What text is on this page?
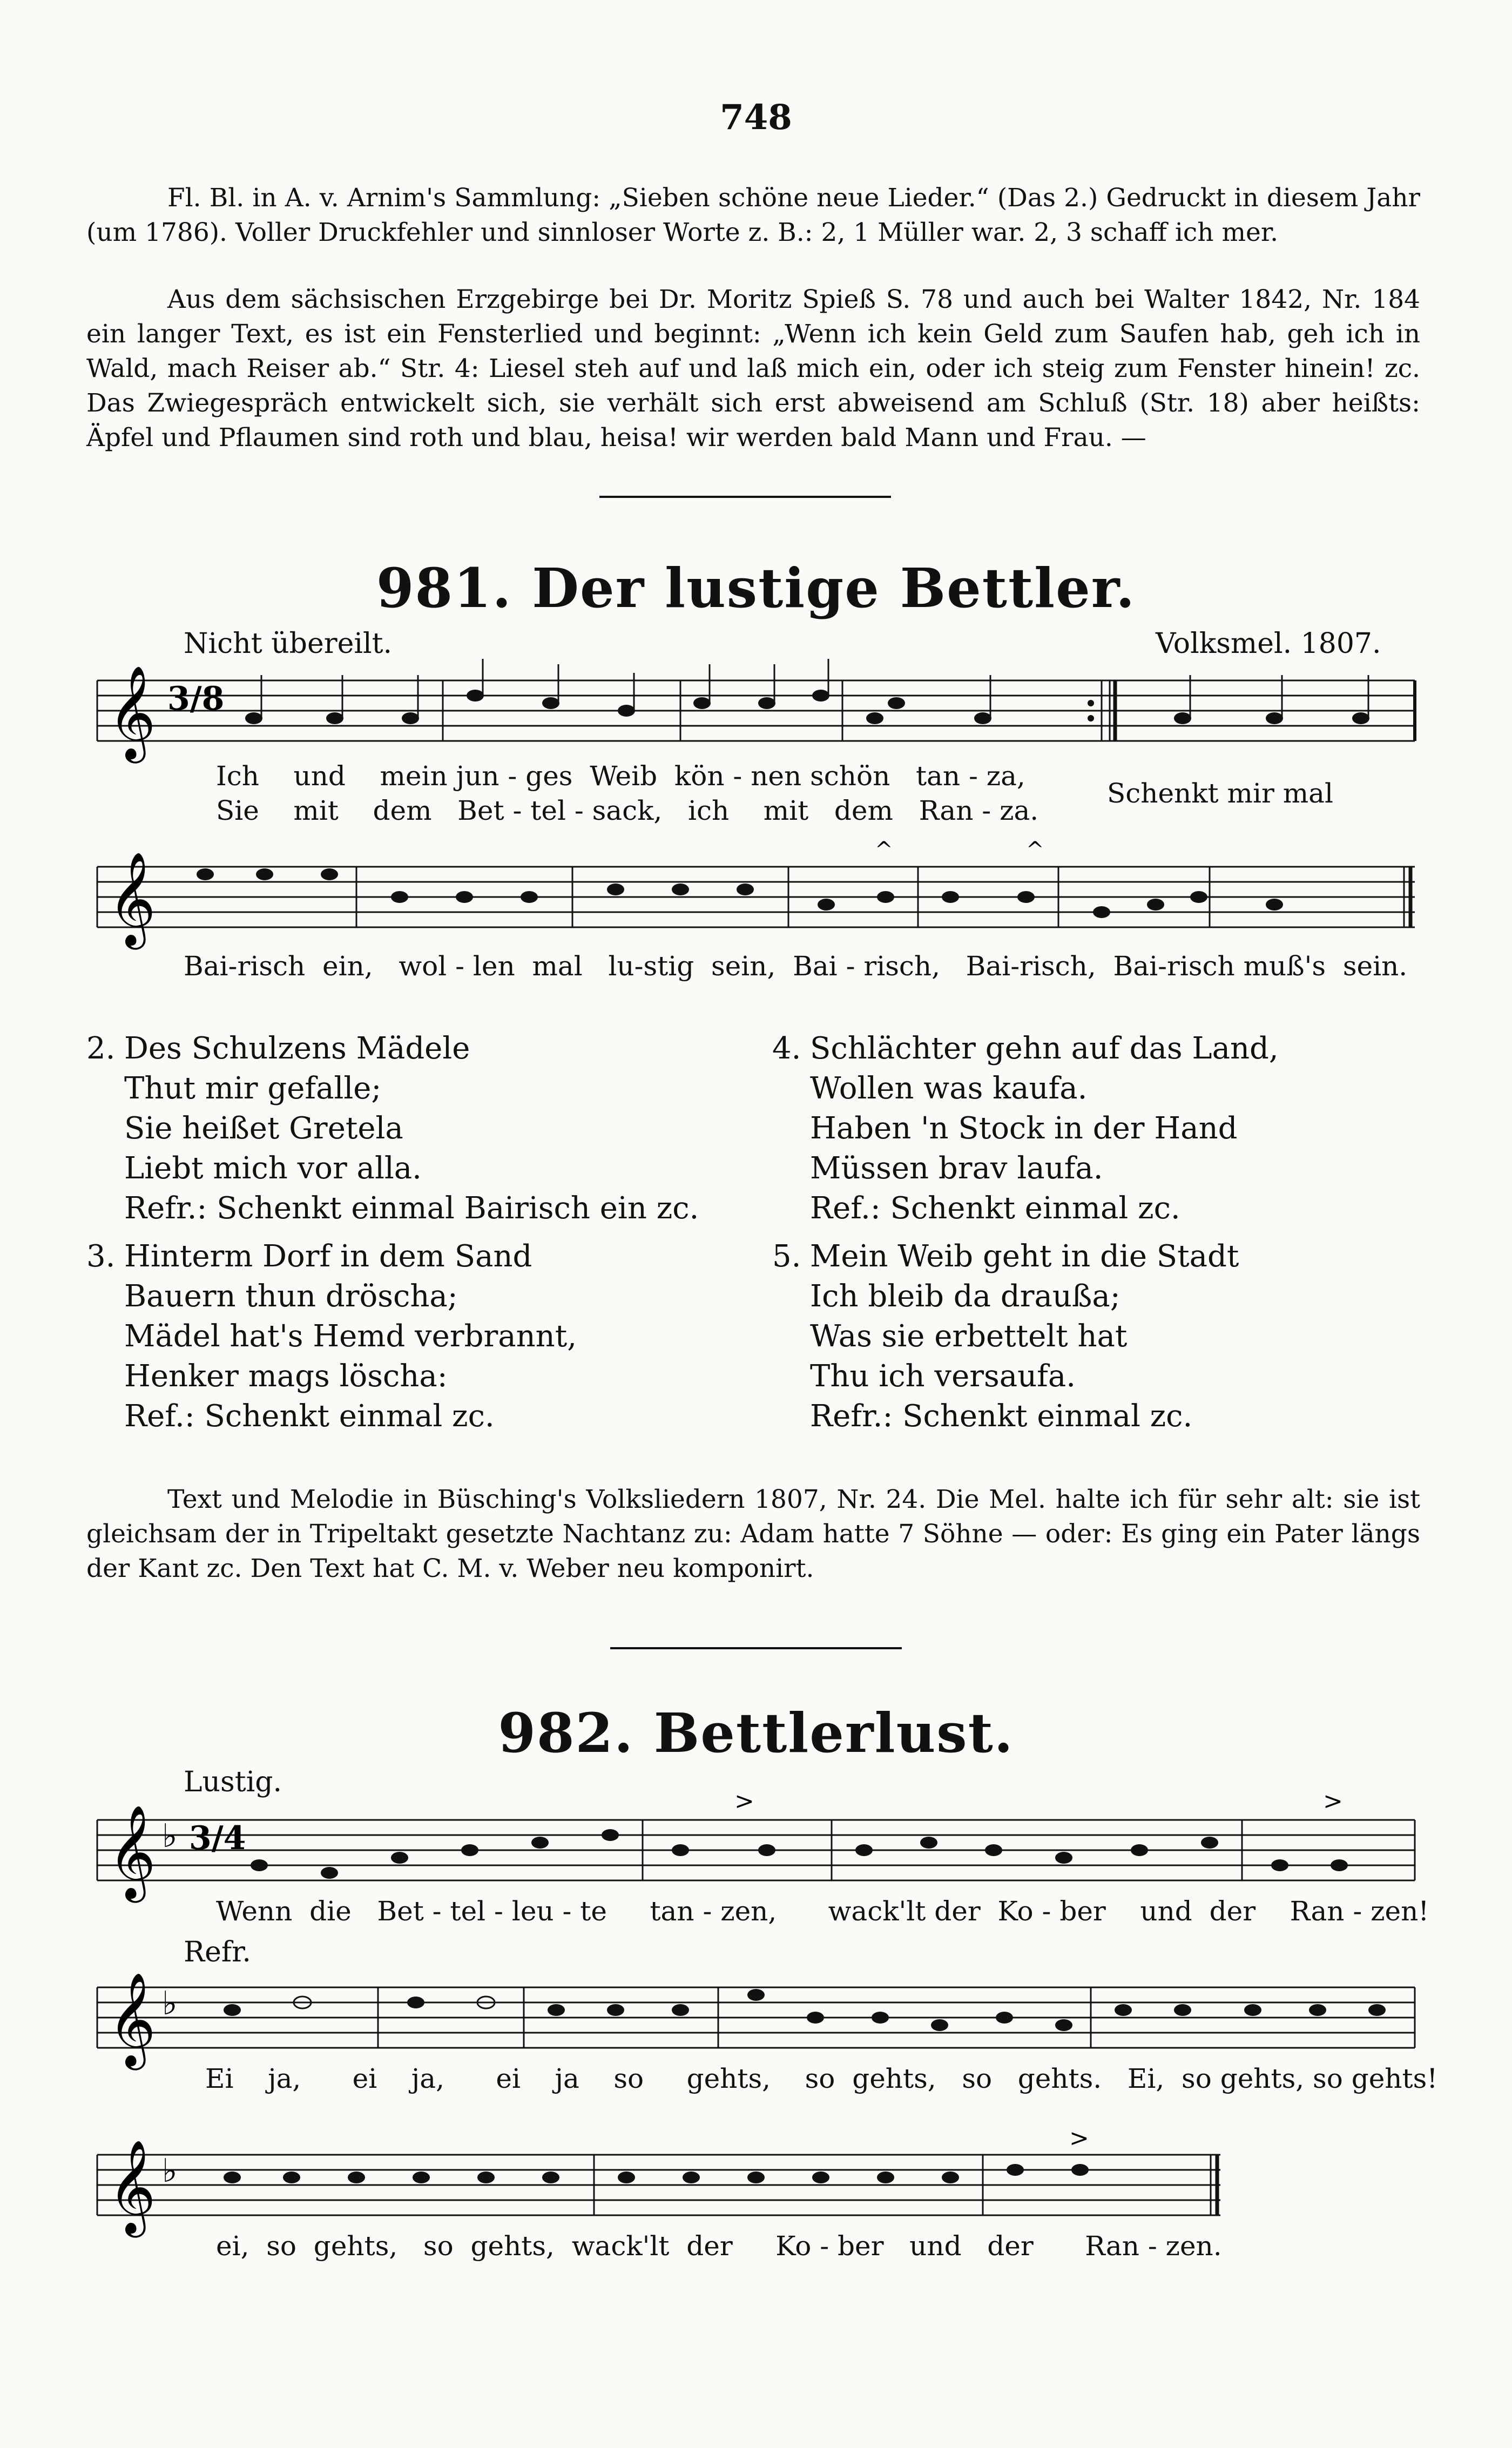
748
Fl. Bl. in A. v. Arnim's Sammlung: „Sieben schöne neue Lieder.“ (Das 2.) Gedruckt in diesem Jahr (um 1786). Voller Druckfehler und sinnloser Worte z. B.: 2, 1 Müller war. 2, 3 schaff ich mer.
Aus dem sächsischen Erzgebirge bei Dr. Moritz Spieß S. 78 und auch bei Walter 1842, Nr. 184 ein langer Text, es ist ein Fensterlied und beginnt: „Wenn ich kein Geld zum Saufen hab, geh ich in Wald, mach Reiser ab.“ Str. 4: Liesel steh auf und laß mich ein, oder ich steig zum Fenster hinein! zc. Das Zwiegespräch entwickelt sich, sie verhält sich erst abweisend am Schluß (Str. 18) aber heißts: Äpfel und Pflaumen sind roth und blau, heisa! wir werden bald Mann und Frau. —
981. Der lustige Bettler.
Nicht übereilt.	Volksmel. 1807.
𝄞 3/8
Ich    und    mein jun - ges  Weib  kön - nen schön   tan - za,
Sie    mit    dem   Bet - tel - sack,   ich    mit   dem   Ran - za.
Schenkt mir mal
𝄞
^	^
Bai-risch  ein,   wol - len  mal   lu-stig  sein,  Bai - risch,   Bai-risch,  Bai-risch muß's  sein.
2. Des Schulzens Mädele
Thut mir gefalle;
Sie heißet Gretela
Liebt mich vor alla.
Refr.: Schenkt einmal Bairisch ein zc.
3. Hinterm Dorf in dem Sand
Bauern thun dröscha;
Mädel hat's Hemd verbrannt,
Henker mags löscha:
Ref.: Schenkt einmal zc.
4. Schlächter gehn auf das Land,
Wollen was kaufa.
Haben 'n Stock in der Hand
Müssen brav laufa.
Ref.: Schenkt einmal zc.
5. Mein Weib geht in die Stadt
Ich bleib da draußa;
Was sie erbettelt hat
Thu ich versaufa.
Refr.: Schenkt einmal zc.
Text und Melodie in Büsching's Volksliedern 1807, Nr. 24. Die Mel. halte ich für sehr alt: sie ist gleichsam der in Tripeltakt gesetzte Nachtanz zu: Adam hatte 7 Söhne — oder: Es ging ein Pater längs der Kant zc. Den Text hat C. M. v. Weber neu komponirt.
982. Bettlerlust.
Lustig.
𝄞 ♭ 3/4
>	>
Wenn  die   Bet - tel - leu - te     tan - zen,      wack'lt der  Ko - ber    und  der    Ran - zen!
Refr.
𝄞 ♭
Ei    ja,      ei    ja,      ei    ja    so     gehts,    so  gehts,   so   gehts.   Ei,  so gehts, so gehts!
𝄞 ♭
>
ei,  so  gehts,   so  gehts,  wack'lt  der     Ko - ber   und   der      Ran - zen.
